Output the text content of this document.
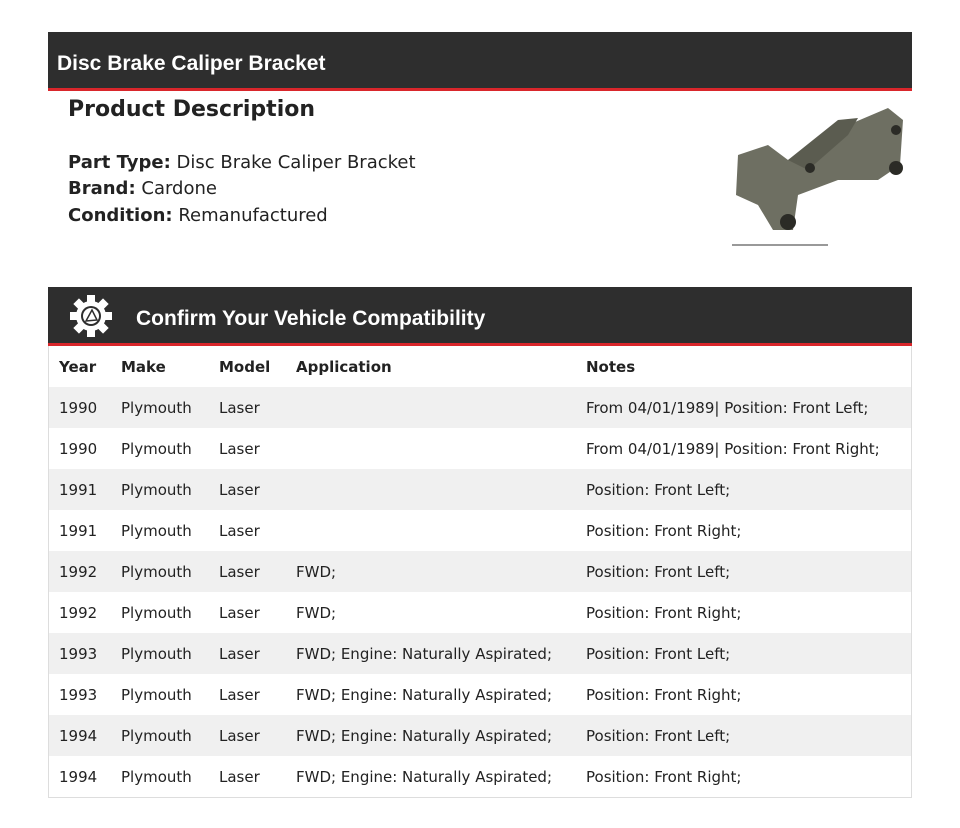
Disc Brake Caliper Bracket
Product Description
Part Type: Disc Brake Caliper Bracket
Brand: Cardone
Condition: Remanufactured
Confirm Your Vehicle Compatibility
Year	Make	Model	Application	Notes
1990	Plymouth	Laser		From 04/01/1989| Position: Front Left;
1990	Plymouth	Laser		From 04/01/1989| Position: Front Right;
1991	Plymouth	Laser		Position: Front Left;
1991	Plymouth	Laser		Position: Front Right;
1992	Plymouth	Laser	FWD;	Position: Front Left;
1992	Plymouth	Laser	FWD;	Position: Front Right;
1993	Plymouth	Laser	FWD; Engine: Naturally Aspirated;	Position: Front Left;
1993	Plymouth	Laser	FWD; Engine: Naturally Aspirated;	Position: Front Right;
1994	Plymouth	Laser	FWD; Engine: Naturally Aspirated;	Position: Front Left;
1994	Plymouth	Laser	FWD; Engine: Naturally Aspirated;	Position: Front Right;
